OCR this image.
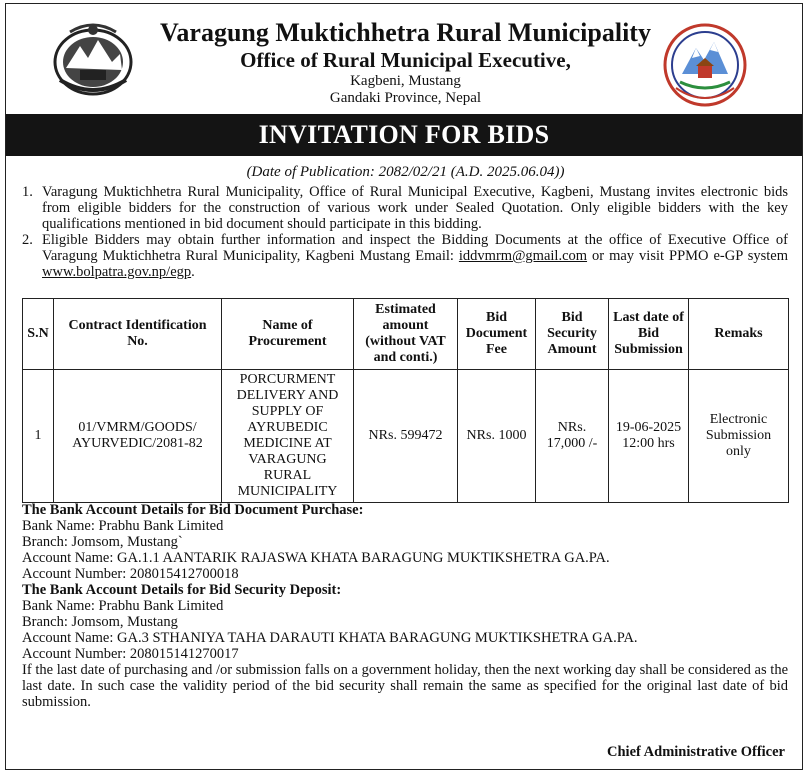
Varagung Muktichhetra Rural Municipality
Office of Rural Municipal Executive,
Kagbeni, Mustang
Gandaki Province, Nepal
INVITATION FOR BIDS
(Date of Publication: 2082/02/21 (A.D. 2025.06.04))
1. Varagung Muktichhetra Rural Municipality, Office of Rural Municipal Executive, Kagbeni, Mustang invites electronic bids from eligible bidders for the construction of various work under Sealed Quotation. Only eligible bidders with the key qualifications mentioned in bid document should participate in this bidding.
2. Eligible Bidders may obtain further information and inspect the Bidding Documents at the office of Executive Office of Varagung Muktichhetra Rural Municipality, Kagbeni Mustang Email: iddvmrm@gmail.com or may visit PPMO e-GP system www.bolpatra.gov.np/egp.
S.N	Contract Identification No.	Name of Procurement	Estimated amount (without VAT and conti.)	Bid Document Fee	Bid Security Amount	Last date of Bid Submission	Remaks
1	01/VMRM/GOODS/ AYURVEDIC/2081-82	PORCURMENT DELIVERY AND SUPPLY OF AYRUBEDIC MEDICINE AT VARAGUNG RURAL MUNICIPALITY	NRs. 599472	NRs. 1000	NRs. 17,000 /-	19-06-2025 12:00 hrs	Electronic Submission only
The Bank Account Details for Bid Document Purchase:
Bank Name: Prabhu Bank Limited
Branch: Jomsom, Mustang`
Account Name: GA.1.1 AANTARIK RAJASWA KHATA BARAGUNG MUKTIKSHETRA GA.PA.
Account Number: 208015412700018
The Bank Account Details for Bid Security Deposit:
Bank Name: Prabhu Bank Limited
Branch: Jomsom, Mustang
Account Name: GA.3 STHANIYA TAHA DARAUTI KHATA BARAGUNG MUKTIKSHETRA GA.PA.
Account Number: 208015141270017
If the last date of purchasing and /or submission falls on a government holiday, then the next working day shall be considered as the last date. In such case the validity period of the bid security shall remain the same as specified for the original last date of bid submission.
Chief Administrative Officer
